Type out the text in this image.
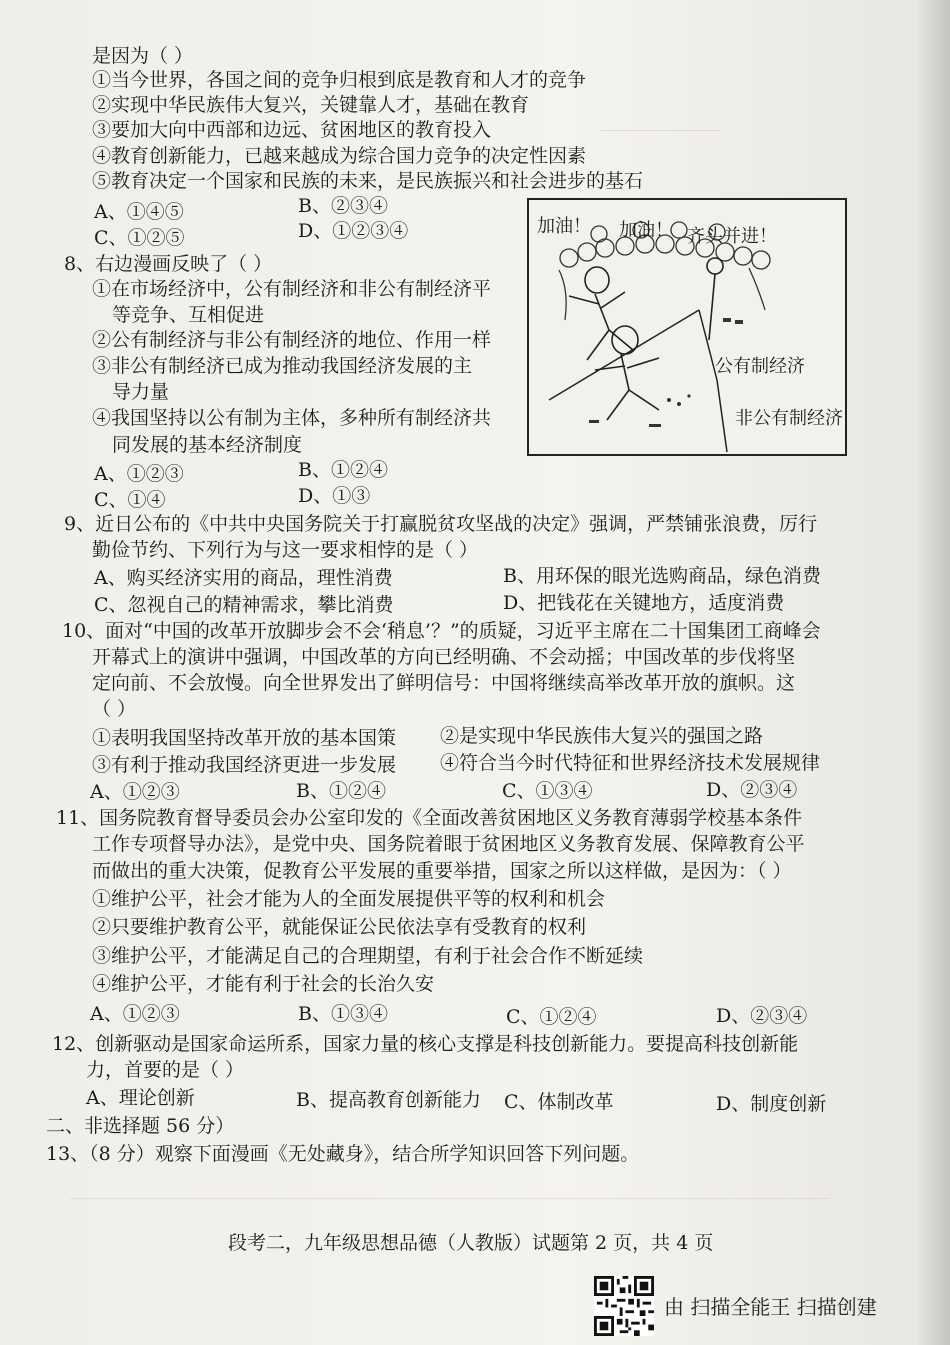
是因为（ ）
①当今世界，各国之间的竞争归根到底是教育和人才的竞争
②实现中华民族伟大复兴，关键靠人才，基础在教育
③要加大向中西部和边远、贫困地区的教育投入
④教育创新能力，已越来越成为综合国力竞争的决定性因素
⑤教育决定一个国家和民族的未来，是民族振兴和社会进步的基石
A、①④⑤	B、②③④
C、①②⑤	D、①②③④
8、右边漫画反映了（ ）
①在市场经济中，公有制经济和非公有制经济平
等竞争、互相促进
②公有制经济与非公有制经济的地位、作用一样
③非公有制经济已成为推动我国经济发展的主
导力量
④我国坚持以公有制为主体，多种所有制经济共
同发展的基本经济制度
A、①②③	B、①②④
C、①④	D、①③
加油！ 加油！ 齐头并进！
公有制经济
非公有制经济
9、近日公布的《中共中央国务院关于打赢脱贫攻坚战的决定》强调，严禁铺张浪费，厉行
勤俭节约、下列行为与这一要求相悖的是（ ）
A、购买经济实用的商品，理性消费	B、用环保的眼光选购商品，绿色消费
C、忽视自己的精神需求，攀比消费	D、把钱花在关键地方，适度消费
10、面对“中国的改革开放脚步会不会‘稍息’？”的质疑，习近平主席在二十国集团工商峰会
开幕式上的演讲中强调，中国改革的方向已经明确、不会动摇；中国改革的步伐将坚
定向前、不会放慢。向全世界发出了鲜明信号：中国将继续高举改革开放的旗帜。这
（ ）
①表明我国坚持改革开放的基本国策 ②是实现中华民族伟大复兴的强国之路
③有利于推动我国经济更进一步发展 ④符合当今时代特征和世界经济技术发展规律
A、①②③	B、①②④	C、①③④	D、②③④
11、国务院教育督导委员会办公室印发的《全面改善贫困地区义务教育薄弱学校基本条件
工作专项督导办法》，是党中央、国务院着眼于贫困地区义务教育发展、保障教育公平
而做出的重大决策，促教育公平发展的重要举措，国家之所以这样做，是因为：（ ）
①维护公平，社会才能为人的全面发展提供平等的权利和机会
②只要维护教育公平，就能保证公民依法享有受教育的权利
③维护公平，才能满足自己的合理期望，有利于社会合作不断延续
④维护公平，才能有利于社会的长治久安
A、①②③	B、①③④	C、①②④	D、②③④
12、创新驱动是国家命运所系，国家力量的核心支撑是科技创新能力。要提高科技创新能
力，首要的是（ ）
A、理论创新	B、提高教育创新能力 C、体制改革	D、制度创新
二、非选择题 56 分）
13、（8 分）观察下面漫画《无处藏身》，结合所学知识回答下列问题。
段考二，九年级思想品德（人教版）试题第 2 页，共 4 页
由 扫描全能王 扫描创建
